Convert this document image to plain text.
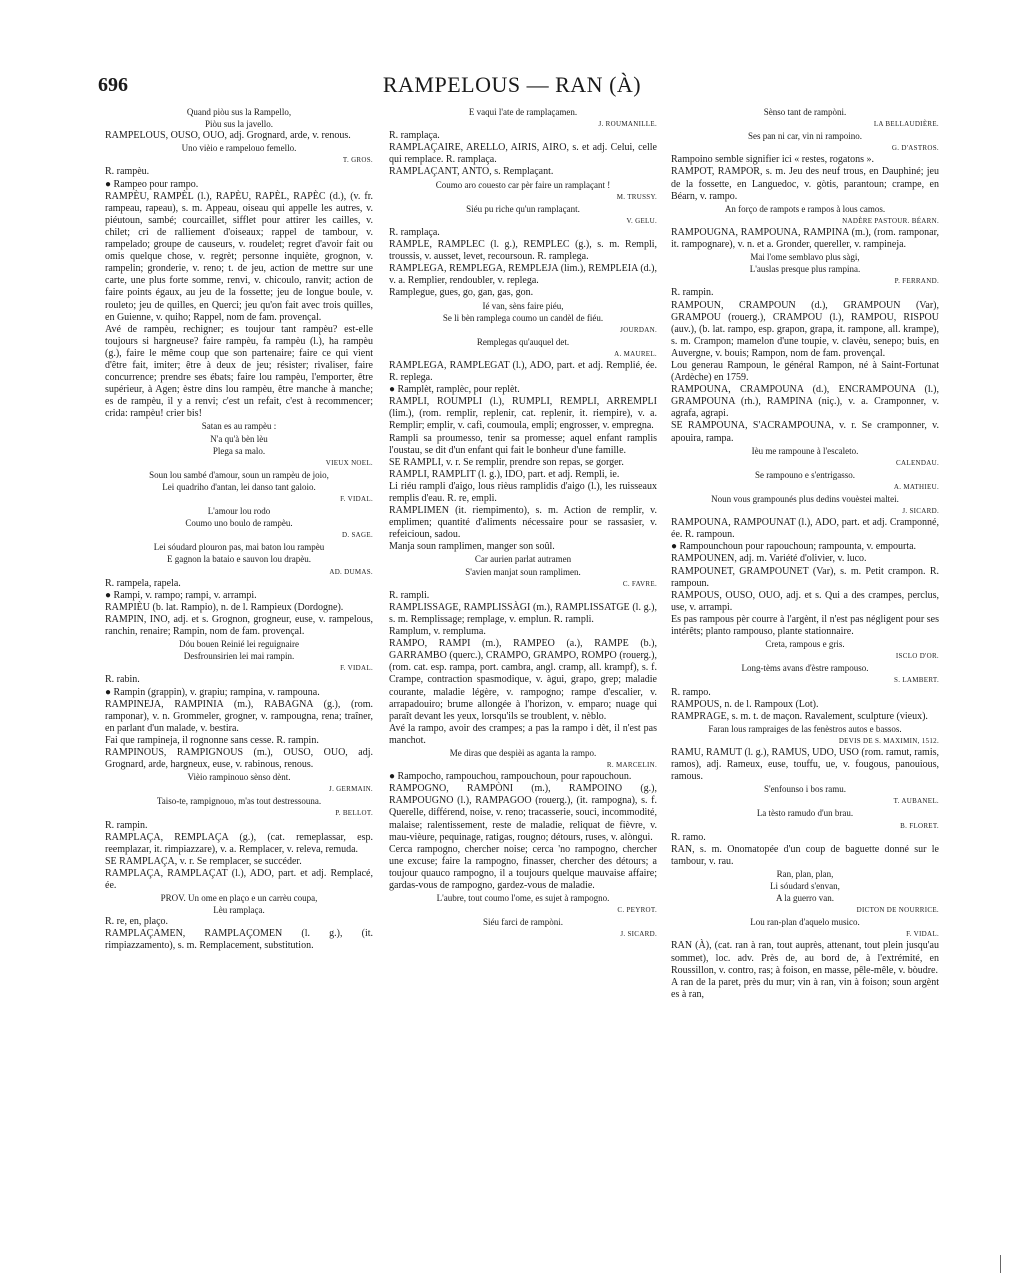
696	RAMPELOUS — RAN (À)

Quand piòu sus la Rampello,
Piòu sus la javello.

RAMPELOUS, OUSO, OUO, adj. Grognard, arde, v. renous.

Uno vièio e rampelouo femello.

T. GROS.

R. rampèu.

● Rampeo pour rampo.

RAMPÈU, RAMPÈL (l.), RAPÈU, RAPÈL, RAPÈC (d.), (v. fr. rampeau, rapeau), s. m. Appeau, oiseau qui appelle les autres, v. piéutoun, sambé; courcaillet, sifflet pour attirer les cailles, v. chilet; cri de ralliement d'oiseaux; rappel de tambour, v. rampelado; groupe de causeurs, v. roudelet; regret d'avoir fait ou omis quelque chose, v. regrèt; personne inquiète, grognon, v. rampelin; gronderie, v. reno; t. de jeu, action de mettre sur une carte, une plus forte somme, renvi, v. chicoulo, ranvit; action de faire points égaux, au jeu de la fossette; jeu de longue boule, v. rouleto; jeu de quilles, en Querci; jeu qu'on fait avec trois quilles, en Guienne, v. quiho; Rappel, nom de fam. provençal.

Avé de rampèu, rechigner; es toujour tant rampèu? est-elle toujours si hargneuse? faire rampèu, fa rampèu (l.), ha rampèu (g.), faire le même coup que son partenaire; faire ce qui vient d'être fait, imiter; être à deux de jeu; résister; rivaliser, faire concurrence; prendre ses ébats; faire lou rampèu, l'emporter, être supérieur, à Agen; èstre dins lou rampèu, être manche à manche; es de rampèu, il y a renvi; c'est un refait, c'est à recommencer; crida: rampèu! crier bis!

Satan es au rampèu :
N'a qu'à bèn lèu
Plega sa malo.

VIEUX NOEL.

Soun lou sambé d'amour, soun un rampèu de joio,
Lei quadriho d'antan, lei danso tant galoio.

F. VIDAL.

L'amour lou rodo
Coumo uno boulo de rampèu.

D. SAGE.

Lei sóudard plouron pas, mai baton lou rampèu
E gagnon la bataio e sauvon lou drapèu.

AD. DUMAS.

R. rampela, rapela.

● Rampi, v. rampo; rampi, v. arrampi.

RAMPIÈU (b. lat. Rampio), n. de l. Rampieux (Dordogne).

RAMPIN, INO, adj. et s. Grognon, grogneur, euse, v. rampelous, ranchin, renaire; Rampin, nom de fam. provençal.

Dóu bouen Reinié lei reguignaire
Desfrounsirien lei mai rampin.

F. VIDAL.

R. rabin.

● Rampin (grappin), v. grapiu; rampina, v. rampouna.

RAMPINEJA, RAMPINIA (m.), RABAGNA (g.), (rom. ramponar), v. n. Grommeler, grogner, v. rampougna, rena; traîner, en parlant d'un malade, v. bestira.

Fai que rampineja, il rognonne sans cesse. R. rampin.

RAMPINOUS, RAMPIGNOUS (m.), OUSO, OUO, adj. Grognard, arde, hargneux, euse, v. rabinous, renous.

Vièio rampinouo sènso dènt.

J. GERMAIN.

Taiso-te, rampignouo, m'as tout destressouna.

P. BELLOT.

R. rampin.

RAMPLAÇA, REMPLAÇA (g.), (cat. remeplassar, esp. reemplazar, it. rimpiazzare), v. a. Remplacer, v. releva, remuda.

SE RAMPLAÇA, v. r. Se remplacer, se succéder.

RAMPLAÇA, RAMPLAÇAT (l.), ADO, part. et adj. Remplacé, ée.

PROV. Un ome en plaço e un carrèu coupa,
Lèu ramplaça.

R. re, en, plaço.

RAMPLAÇAMEN, RAMPLAÇOMEN (l. g.), (it. rimpiazzamento), s. m. Remplacement, substitution.

E vaqui l'ate de ramplaçamen.

J. ROUMANILLE.

R. ramplaça.

RAMPLAÇAIRE, ARELLO, AIRIS, AIRO, s. et adj. Celui, celle qui remplace. R. ramplaça.

RAMPLAÇANT, ANTO, s. Remplaçant.

Coumo aro couesto car pèr faire un ramplaçant !

M. TRUSSY.

Siéu pu riche qu'un ramplaçant.

V. GELU.

R. ramplaça.

RAMPLE, RAMPLEC (l. g.), REMPLEC (g.), s. m. Rempli, troussis, v. ausset, levet, recoursoun. R. ramplega.

RAMPLEGA, REMPLEGA, REMPLEJA (lim.), REMPLEIA (d.), v. a. Remplier, rendoubler, v. replega.

Ramplegue, gues, go, gan, gas, gon.

Ié van, sèns faire piéu,
Se li bèn ramplega coumo un candèl de fiéu.

JOURDAN.

Remplegas qu'auquel det.

A. MAUREL.

RAMPLEGA, RAMPLEGAT (l.), ADO, part. et adj. Remplié, ée. R. replega.

● Ramplèt, ramplèc, pour replèt.

RAMPLI, ROUMPLI (l.), RUMPLI, REMPLI, ARREMPLI (lim.), (rom. remplir, replenir, cat. replenir, it. riempire), v. a. Remplir; emplir, v. cafi, coumoula, empli; engrosser, v. empregna.

Rampli sa proumesso, tenir sa promesse; aquel enfant ramplis l'oustau, se dit d'un enfant qui fait le bonheur d'une famille.

SE RAMPLI, v. r. Se remplir, prendre son repas, se gorger.

RAMPLI, RAMPLIT (l. g.), IDO, part. et adj. Rempli, ie.

Li riéu rampli d'aigo, lous rièus ramplidis d'aigo (l.), les ruisseaux remplis d'eau. R. re, empli.

RAMPLIMEN (it. riempimento), s. m. Action de remplir, v. emplimen; quantité d'aliments nécessaire pour se rassasier, v. refeicioun, sadou.

Manja soun ramplimen, manger son soûl.

Car aurien parlat autramen
S'avien manjat soun ramplimen.

C. FAVRE.

R. rampli.

RAMPLISSAGE, RAMPLISSÀGI (m.), RAMPLISSATGE (l. g.), s. m. Remplissage; remplage, v. emplun. R. rampli.

Ramplum, v. rempluma.

RAMPO, RAMPI (m.), RAMPEO (a.), RAMPE (b.), GARRAMBO (querc.), CRAMPO, GRAMPO, ROMPO (rouerg.), (rom. cat. esp. rampa, port. cambra, angl. cramp, all. krampf), s. f. Crampe, contraction spasmodique, v. àgui, grapo, grep; maladie courante, maladie légère, v. rampogno; rampe d'escalier, v. arrapadouiro; brume allongée à l'horizon, v. emparo; nuage qui paraît devant les yeux, lorsqu'ils se troublent, v. nèblo.

Avé la rampo, avoir des crampes; a pas la rampo i dèt, il n'est pas manchot.

Me diras que despièi as aganta la rampo.

R. MARCELIN.

● Rampocho, rampouchou, rampouchoun, pour rapouchoun.

RAMPOGNO, RAMPÒNI (m.), RAMPOINO (g.), RAMPOUGNO (l.), RAMPAGOO (rouerg.), (it. rampogna), s. f. Querelle, différend, noise, v. reno; tracasserie, souci, incommodité, malaise; ralentissement, reste de maladie, reliquat de fièvre, v. mau-vièure, pequinage, ratigas, rougno; détours, ruses, v. alòngui.

Cerca rampogno, chercher noise; cerca 'no rampogno, chercher une excuse; faire la rampogno, finasser, chercher des détours; a toujour quauco rampogno, il a toujours quelque mauvaise affaire; gardas-vous de rampogno, gardez-vous de maladie.

L'aubre, tout coumo l'ome, es sujet à rampogno.

C. PEYROT.

Siéu farci de rampòni.

J. SICARD.

Sènso tant de rampòni.

LA BELLAUDIÈRE.

Ses pan ni car, vin ni rampoino.

G. D'ASTROS.

Rampoino semble signifier ici « restes, rogatons ».

RAMPOT, RAMPOR, s. m. Jeu des neuf trous, en Dauphiné; jeu de la fossette, en Languedoc, v. gòtis, parantoun; crampe, en Béarn, v. rampo.

An forço de rampots e rampos à lous camos.

NADÈRE PASTOUR. BÉARN.

RAMPOUGNA, RAMPOUNA, RAMPINA (m.), (rom. ramponar, it. rampognare), v. n. et a. Gronder, quereller, v. rampineja.

Mai l'ome semblavo plus sàgi,
L'auslas presque plus rampina.

P. FERRAND.

R. rampin.

RAMPOUN, CRAMPOUN (d.), GRAMPOUN (Var), GRAMPOU (rouerg.), CRAMPOU (l.), RAMPOU, RISPOU (auv.), (b. lat. rampo, esp. grapon, grapa, it. rampone, all. krampe), s. m. Crampon; mamelon d'une toupie, v. clavèu, senepo; buis, en Auvergne, v. bouis; Rampon, nom de fam. provençal.

Lou generau Rampoun, le général Rampon, né à Saint-Fortunat (Ardèche) en 1759.

RAMPOUNA, CRAMPOUNA (d.), ENCRAMPOUNA (l.), GRAMPOUNA (rh.), RAMPINA (niç.), v. a. Cramponner, v. agrafa, agrapi.

SE RAMPOUNA, S'ACRAMPOUNA, v. r. Se cramponner, v. apouira, rampa.

Ièu me rampoune à l'escaleto.

CALENDAU.

Se rampouno e s'entrigasso.

A. MATHIEU.

Noun vous grampounés plus dedins vouèstei maltei.

J. SICARD.

RAMPOUNA, RAMPOUNAT (l.), ADO, part. et adj. Cramponné, ée. R. rampoun.

● Rampounchoun pour rapouchoun; rampounta, v. empourta.

RAMPOUNEN, adj. m. Variété d'olivier, v. luco.

RAMPOUNET, GRAMPOUNET (Var), s. m. Petit crampon. R. rampoun.

RAMPOUS, OUSO, OUO, adj. et s. Qui a des crampes, perclus, use, v. arrampi.

Es pas rampous pèr courre à l'argènt, il n'est pas négligent pour ses intérêts; planto rampouso, plante stationnaire.

Creta, rampous e gris.

ISCLO D'OR.

Long-tèms avans d'èstre rampouso.

S. LAMBERT.

R. rampo.

RAMPOUS, n. de l. Rampoux (Lot).

RAMPRAGE, s. m. t. de maçon. Ravalement, sculpture (vieux).

Faran lous rampraiges de las fenèstros autos e bassos.

DEVIS DE S. MAXIMIN, 1512.

RAMU, RAMUT (l. g.), RAMUS, UDO, USO (rom. ramut, ramis, ramos), adj. Rameux, euse, touffu, ue, v. fougous, panouious, ramous.

S'enfounso i bos ramu.

T. AUBANEL.

La tèsto ramudo d'un brau.

B. FLORET.

R. ramo.

RAN, s. m. Onomatopée d'un coup de baguette donné sur le tambour, v. rau.

Ran, plan, plan,
Li sóudard s'envan,
A la guerro van.

DICTON DE NOURRICE.

Lou ran-plan d'aquelo musico.

F. VIDAL.

RAN (À), (cat. ran à ran, tout auprès, attenant, tout plein jusqu'au sommet), loc. adv. Près de, au bord de, à l'extrémité, en Roussillon, v. contro, ras; à foison, en masse, pêle-mêle, v. bòudre.

A ran de la paret, près du mur; vin à ran, vin à foison; soun argènt es à ran,
